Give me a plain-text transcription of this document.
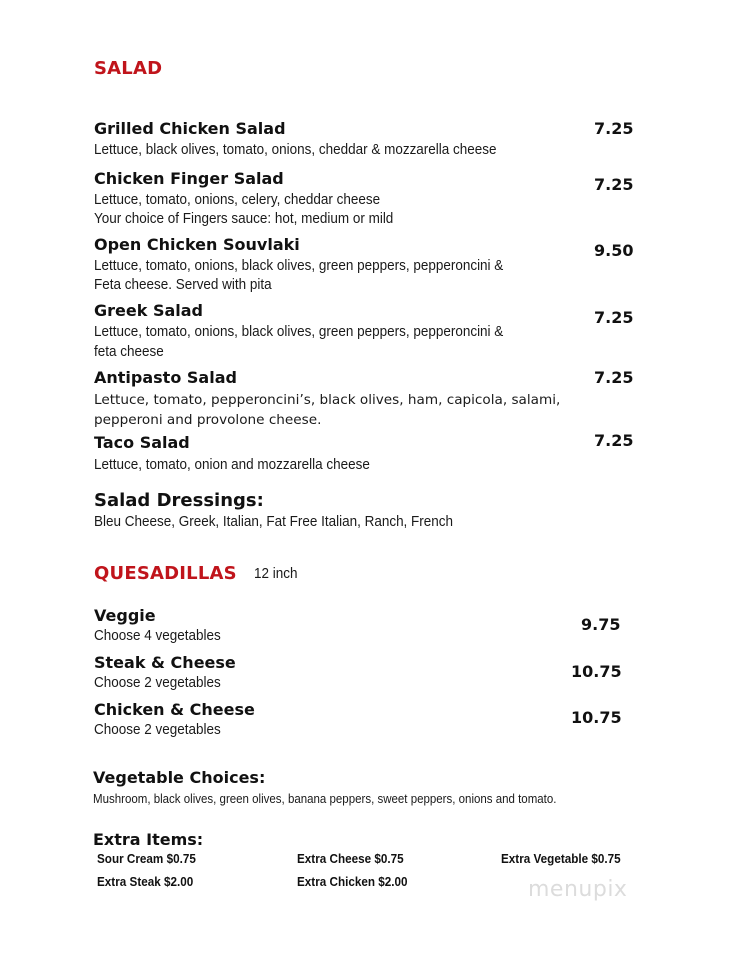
SALAD
Grilled Chicken Salad	7.25
Lettuce, black olives, tomato, onions, cheddar & mozzarella cheese
Chicken Finger Salad	7.25
Lettuce, tomato, onions, celery, cheddar cheese
Your choice of Fingers sauce: hot, medium or mild
Open Chicken Souvlaki	9.50
Lettuce, tomato, onions, black olives, green peppers, pepperoncini &
Feta cheese. Served with pita
Greek Salad	7.25
Lettuce, tomato, onions, black olives, green peppers, pepperoncini &
feta cheese
Antipasto Salad	7.25
Lettuce, tomato, pepperoncini’s, black olives, ham, capicola, salami,
pepperoni and provolone cheese.
Taco Salad	7.25
Lettuce, tomato, onion and mozzarella cheese
Salad Dressings:
Bleu Cheese, Greek, Italian, Fat Free Italian, Ranch, French
QUESADILLAS 12 inch
Veggie	9.75
Choose 4 vegetables
Steak & Cheese	10.75
Choose 2 vegetables
Chicken & Cheese	10.75
Choose 2 vegetables
Vegetable Choices:
Mushroom, black olives, green olives, banana peppers, sweet peppers, onions and tomato.
Extra Items:
Sour Cream $0.75	Extra Cheese $0.75	Extra Vegetable $0.75
Extra Steak $2.00	Extra Chicken $2.00	menupix
